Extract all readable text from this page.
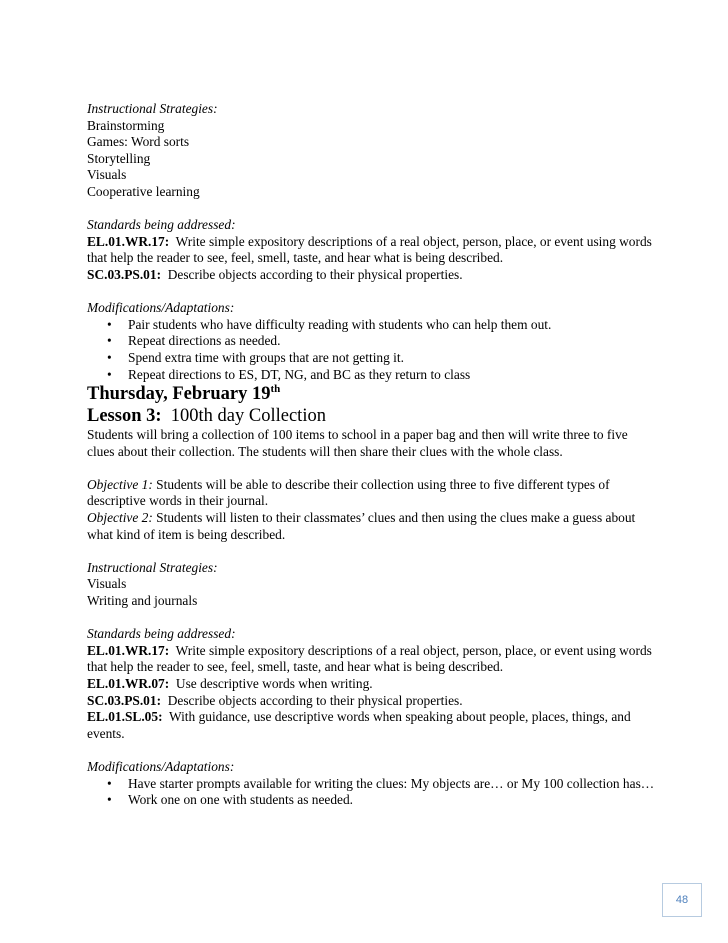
Instructional Strategies:

Brainstorming

Games: Word sorts

Storytelling

Visuals

Cooperative learning

Standards being addressed:

EL.01.WR.17:  Write simple expository descriptions of a real object, person, place, or event using words that help the reader to see, feel, smell, taste, and hear what is being described.

SC.03.PS.01:  Describe objects according to their physical properties.

Modifications/Adaptations:

• Pair students who have difficulty reading with students who can help them out.
• Repeat directions as needed.
• Spend extra time with groups that are not getting it.
• Repeat directions to ES, DT, NG, and BC as they return to class

Thursday, February 19th

Lesson 3:  100th day Collection

Students will bring a collection of 100 items to school in a paper bag and then will write three to five clues about their collection. The students will then share their clues with the whole class.

Objective 1: Students will be able to describe their collection using three to five different types of descriptive words in their journal.

Objective 2: Students will listen to their classmates’ clues and then using the clues make a guess about what kind of item is being described.

Instructional Strategies:

Visuals

Writing and journals

Standards being addressed:

EL.01.WR.17:  Write simple expository descriptions of a real object, person, place, or event using words that help the reader to see, feel, smell, taste, and hear what is being described.

EL.01.WR.07:  Use descriptive words when writing.

SC.03.PS.01:  Describe objects according to their physical properties.

EL.01.SL.05:  With guidance, use descriptive words when speaking about people, places, things, and events.

Modifications/Adaptations:

• Have starter prompts available for writing the clues: My objects are… or My 100 collection has…
• Work one on one with students as needed.
48
